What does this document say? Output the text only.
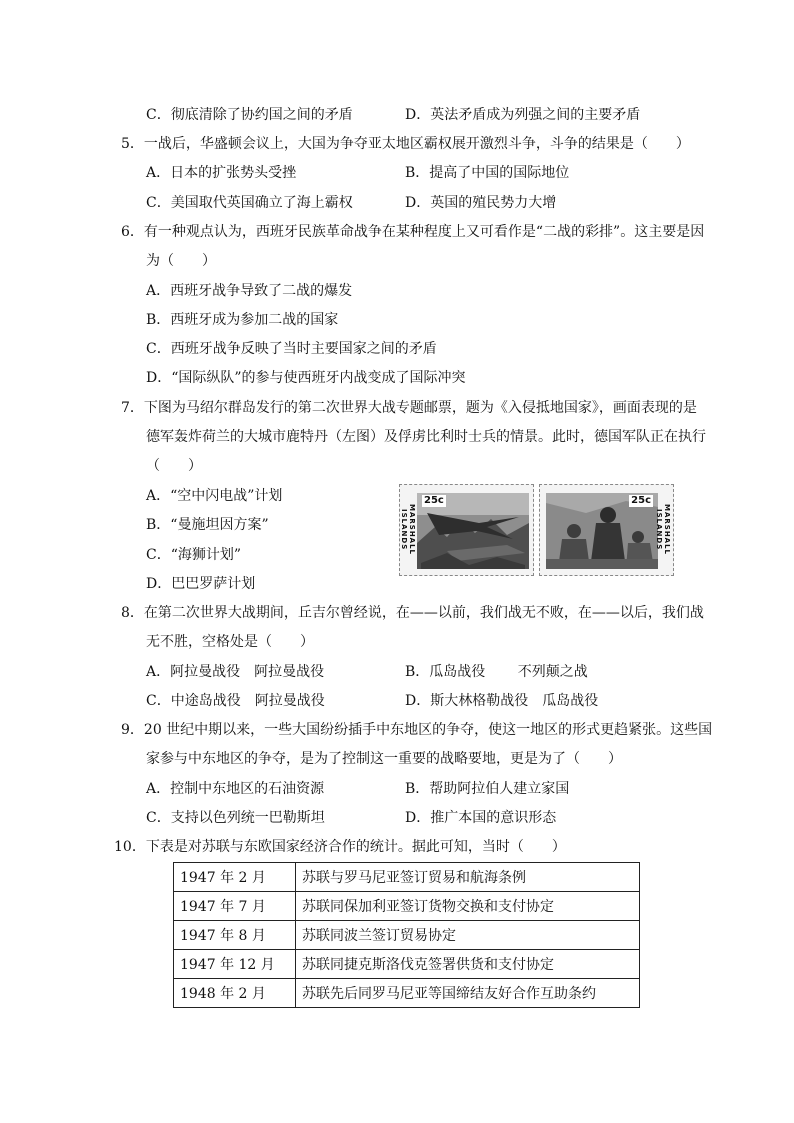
C．彻底清除了协约国之间的矛盾	D．英法矛盾成为列强之间的主要矛盾
5．一战后，华盛顿会议上，大国为争夺亚太地区霸权展开激烈斗争，斗争的结果是（　　）
A．日本的扩张势头受挫	B．提高了中国的国际地位
C．美国取代英国确立了海上霸权	D．英国的殖民势力大增
6．有一种观点认为，西班牙民族革命战争在某种程度上又可看作是“二战的彩排”。这主要是因
为（　　）
A．西班牙战争导致了二战的爆发
B．西班牙成为参加二战的国家
C．西班牙战争反映了当时主要国家之间的矛盾
D．“国际纵队”的参与使西班牙内战变成了国际冲突
7．下图为马绍尔群岛发行的第二次世界大战专题邮票，题为《入侵抵地国家》，画面表现的是
德军轰炸荷兰的大城市鹿特丹（左图）及俘虏比利时士兵的情景。此时，德国军队正在执行
（　　）
A．“空中闪电战”计划
B．“曼施坦因方案”
C．“海狮计划”
D．巴巴罗萨计划
MARSHALL ISLANDS
25c	25c
MARSHALL ISLANDS
8．在第二次世界大战期间，丘吉尔曾经说，在——以前，我们战无不败，在——以后，我们战
无不胜，空格处是（　　）
A．阿拉曼战役　阿拉曼战役	B．瓜岛战役　　 不列颠之战
C．中途岛战役　阿拉曼战役	D．斯大林格勒战役　瓜岛战役
9．20 世纪中期以来，一些大国纷纷插手中东地区的争夺，使这一地区的形式更趋紧张。这些国
家参与中东地区的争夺，是为了控制这一重要的战略要地，更是为了（　　）
A．控制中东地区的石油资源	B．帮助阿拉伯人建立家国
C．支持以色列统一巴勒斯坦	D．推广本国的意识形态
10．下表是对苏联与东欧国家经济合作的统计。据此可知，当时（　　）
1947 年 2 月	苏联与罗马尼亚签订贸易和航海条例
1947 年 7 月	苏联同保加利亚签订货物交换和支付协定
1947 年 8 月	苏联同波兰签订贸易协定
1947 年 12 月	苏联同捷克斯洛伐克签署供货和支付协定
1948 年 2 月	苏联先后同罗马尼亚等国缔结友好合作互助条约
